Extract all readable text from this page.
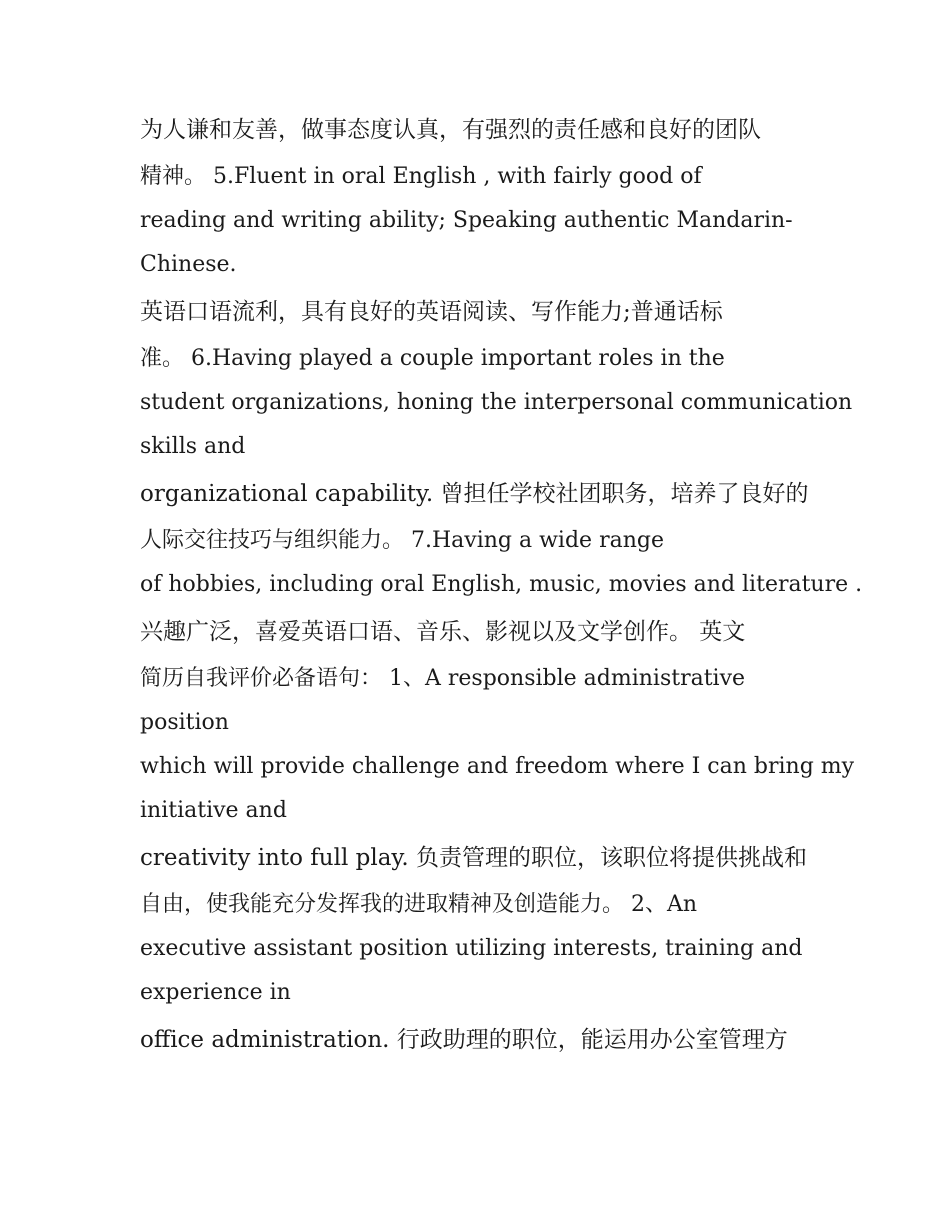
为人谦和友善，做事态度认真，有强烈的责任感和良好的团队
精神。 5.Fluent in oral English , with fairly good of
reading and writing ability; Speaking authentic Mandarin-
Chinese.
英语口语流利，具有良好的英语阅读、写作能力;普通话标
准。 6.Having played a couple important roles in the
student organizations, honing the interpersonal communication
skills and
organizational capability. 曾担任学校社团职务，培养了良好的
人际交往技巧与组织能力。 7.Having a wide range
of hobbies, including oral English, music, movies and literature .
兴趣广泛，喜爱英语口语、音乐、影视以及文学创作。 英文
简历自我评价必备语句： 1、A responsible administrative
position
which will provide challenge and freedom where I can bring my
initiative and
creativity into full play. 负责管理的职位，该职位将提供挑战和
自由，使我能充分发挥我的进取精神及创造能力。 2、An
executive assistant position utilizing interests, training and
experience in
office administration. 行政助理的职位，能运用办公室管理方
